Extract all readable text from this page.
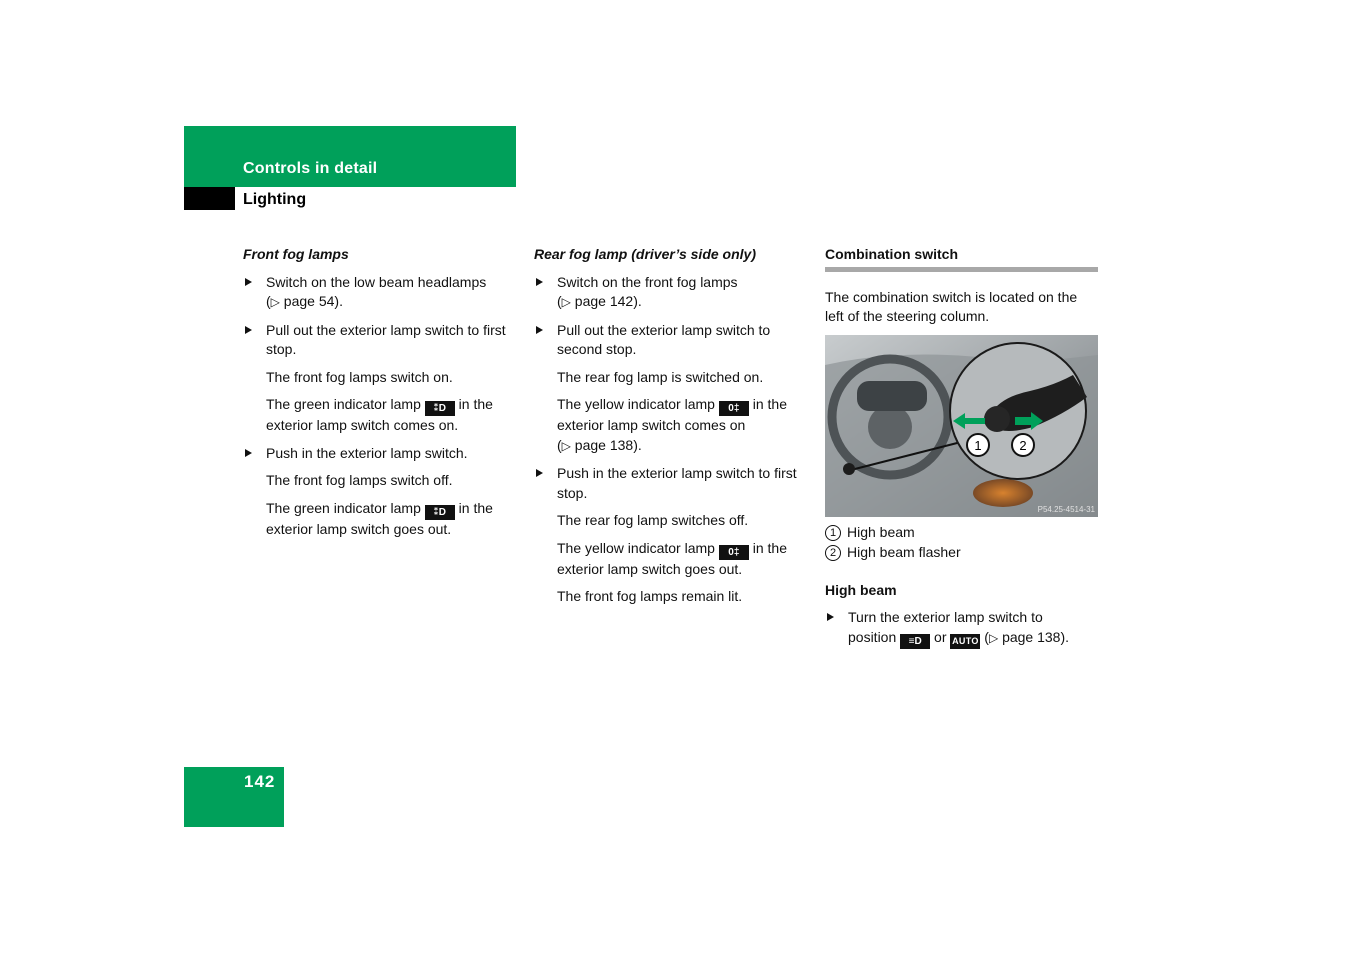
Controls in detail
Lighting
Front fog lamps
Switch on the low beam headlamps
(▷ page 54).
Pull out the exterior lamp switch to first stop.
The front fog lamps switch on.
The green indicator lamp ⁑D in the exterior lamp switch comes on.
Push in the exterior lamp switch.
The front fog lamps switch off.
The green indicator lamp ⁑D in the exterior lamp switch goes out.
Rear fog lamp (driver’s side only)
Switch on the front fog lamps
(▷ page 142).
Pull out the exterior lamp switch to second stop.
The rear fog lamp is switched on.
The yellow indicator lamp 0‡ in the exterior lamp switch comes on
(▷ page 138).
Push in the exterior lamp switch to first stop.
The rear fog lamp switches off.
The yellow indicator lamp 0‡ in the exterior lamp switch goes out.
The front fog lamps remain lit.
Combination switch
The combination switch is located on the left of the steering column.
1	2
P54.25-4514-31
1 High beam
2 High beam flasher
High beam
Turn the exterior lamp switch to
position ≡D or AUTO (▷ page 138).
142
